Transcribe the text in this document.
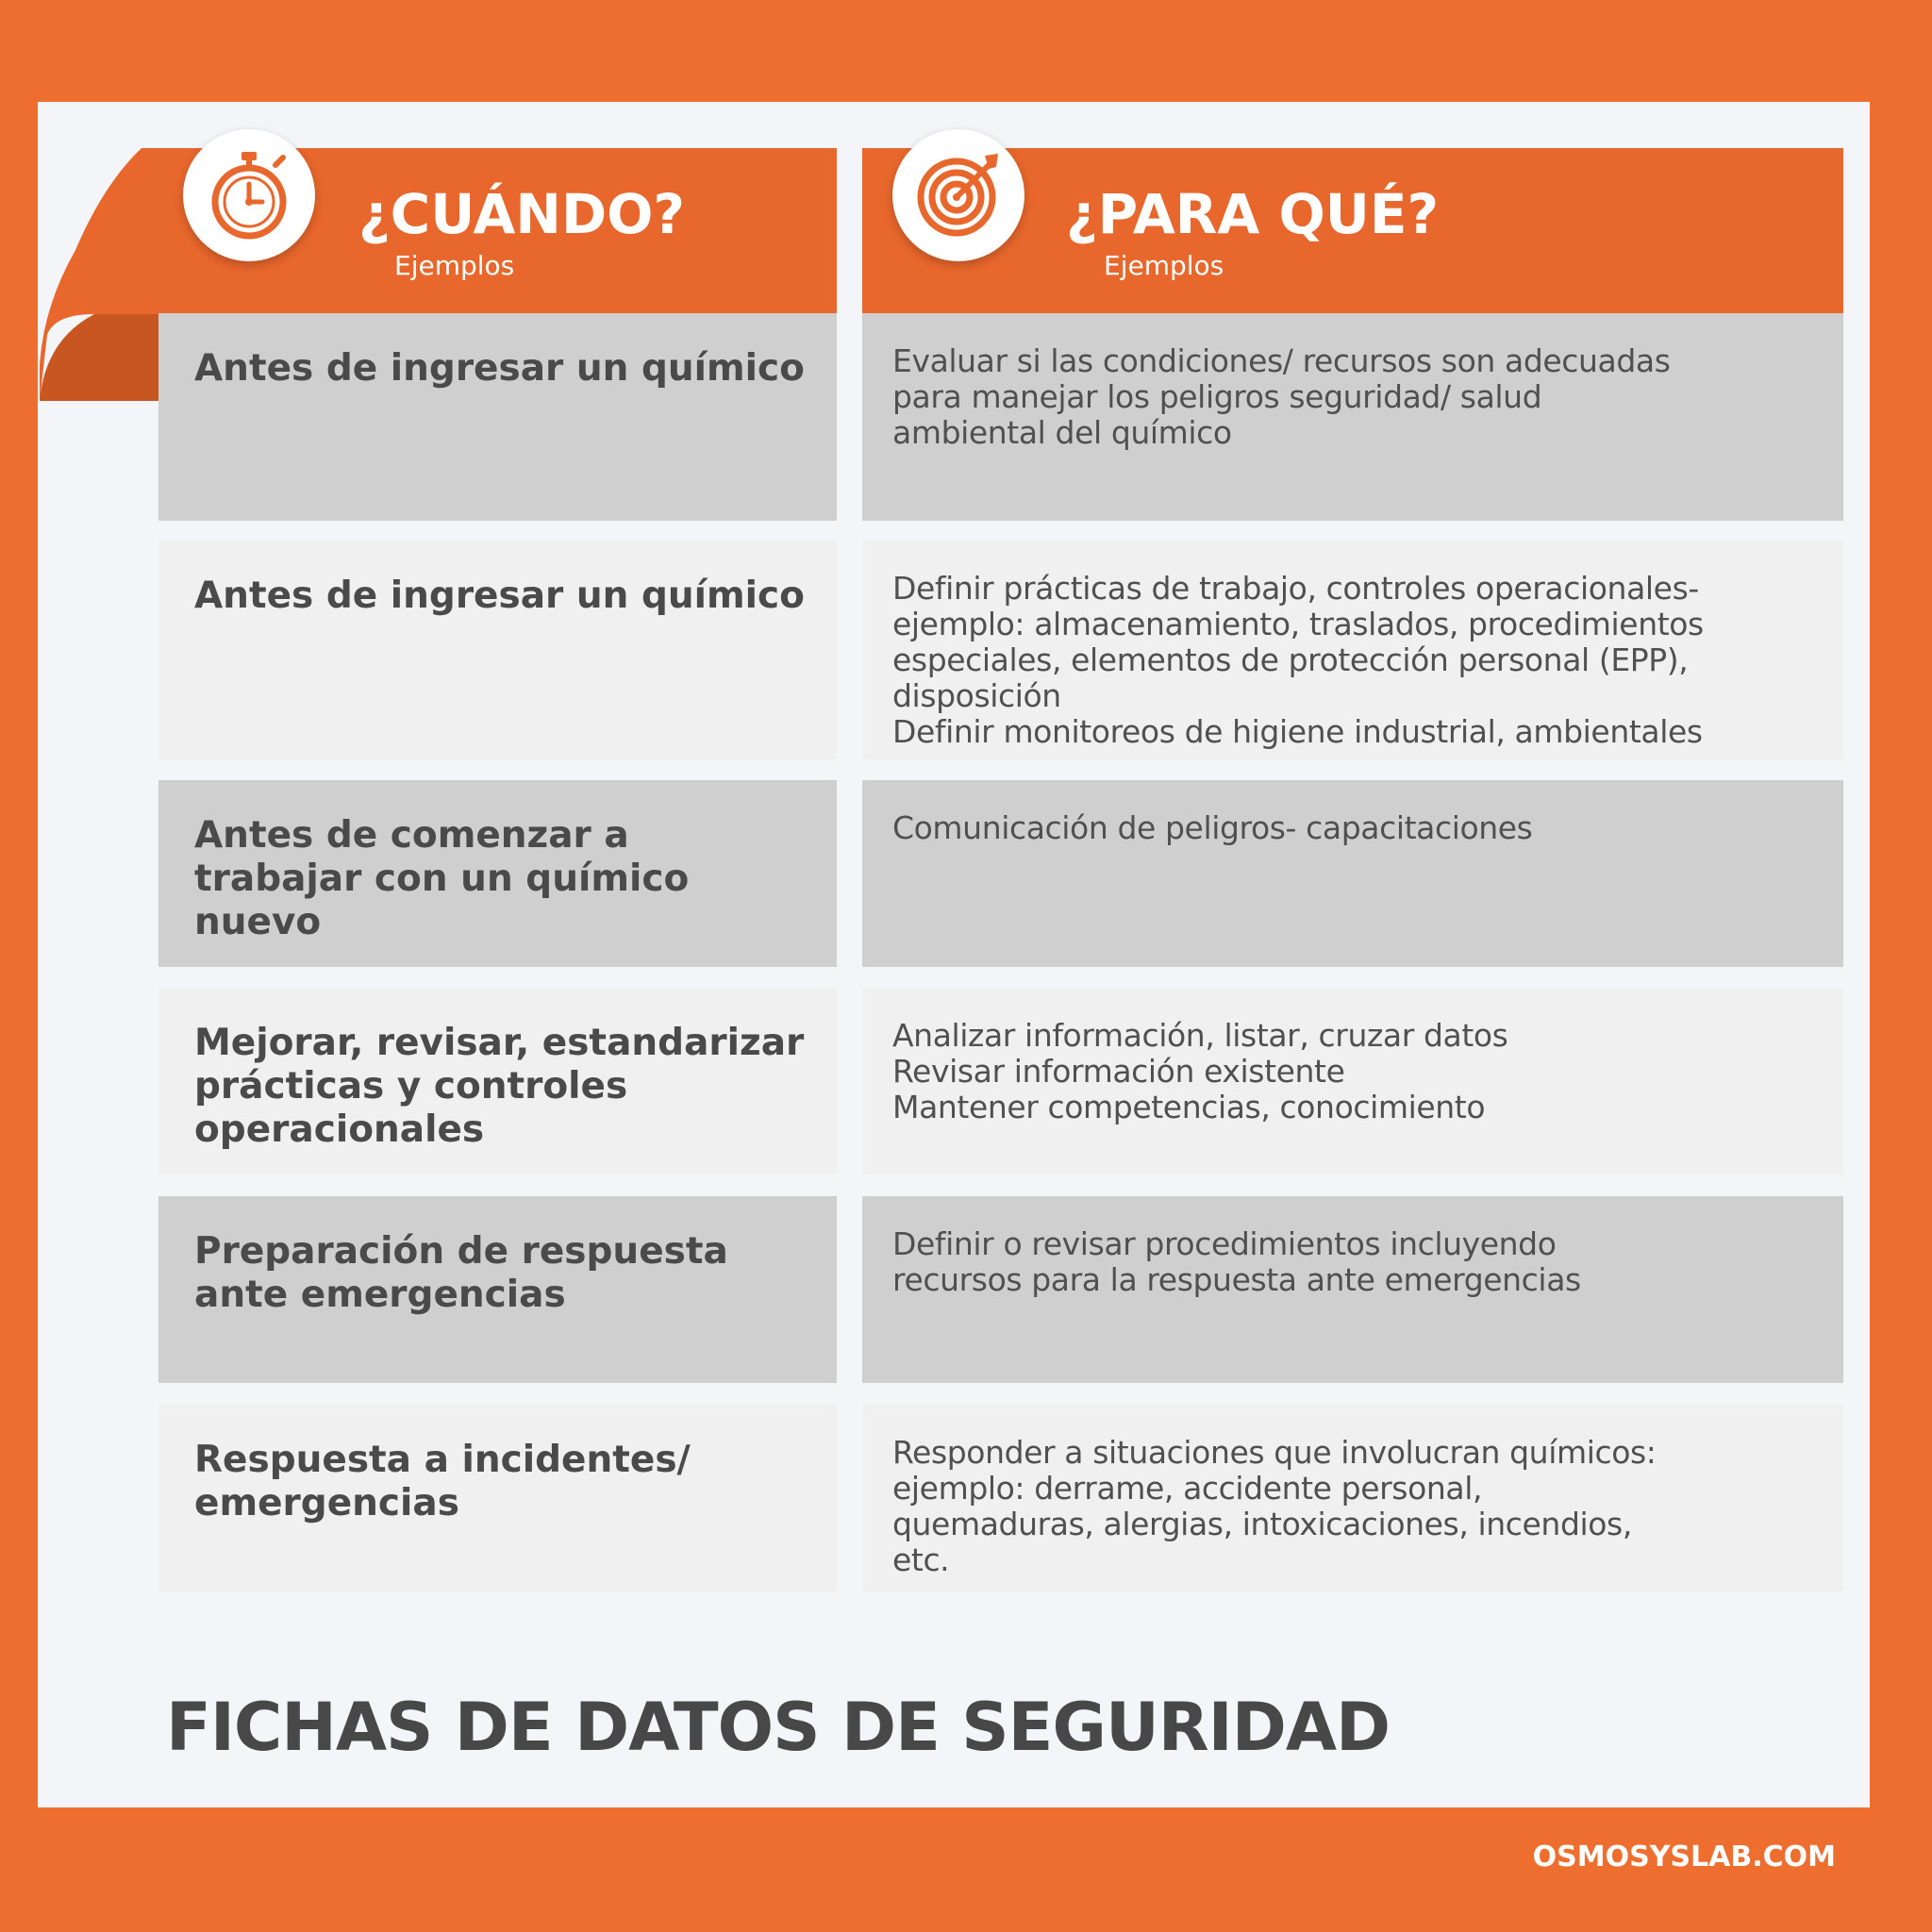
¿CUÁNDO?
Ejemplos
¿PARA QUÉ?
Ejemplos

Antes de ingresar un químico	Evaluar si las condiciones/ recursos son adecuadas
para manejar los peligros seguridad/ salud
ambiental del químico

Antes de ingresar un químico	Definir prácticas de trabajo, controles operacionales-
ejemplo: almacenamiento, traslados, procedimientos
especiales, elementos de protección personal (EPP),
disposición
Definir monitoreos de higiene industrial, ambientales

Antes de comenzar a trabajar con un químico nuevo

Comunicación de peligros- capacitaciones

Mejorar, revisar, estandarizar prácticas y controles operacionales

Analizar información, listar, cruzar datos
Revisar información existente
Mantener competencias, conocimiento

Preparación de respuesta ante emergencias

Definir o revisar procedimientos incluyendo
recursos para la respuesta ante emergencias

Respuesta a incidentes/ emergencias

Responder a situaciones que involucran químicos:
ejemplo: derrame, accidente personal,
quemaduras, alergias, intoxicaciones, incendios,
etc.
FICHAS DE DATOS DE SEGURIDAD
OSMOSYSLAB.COM
